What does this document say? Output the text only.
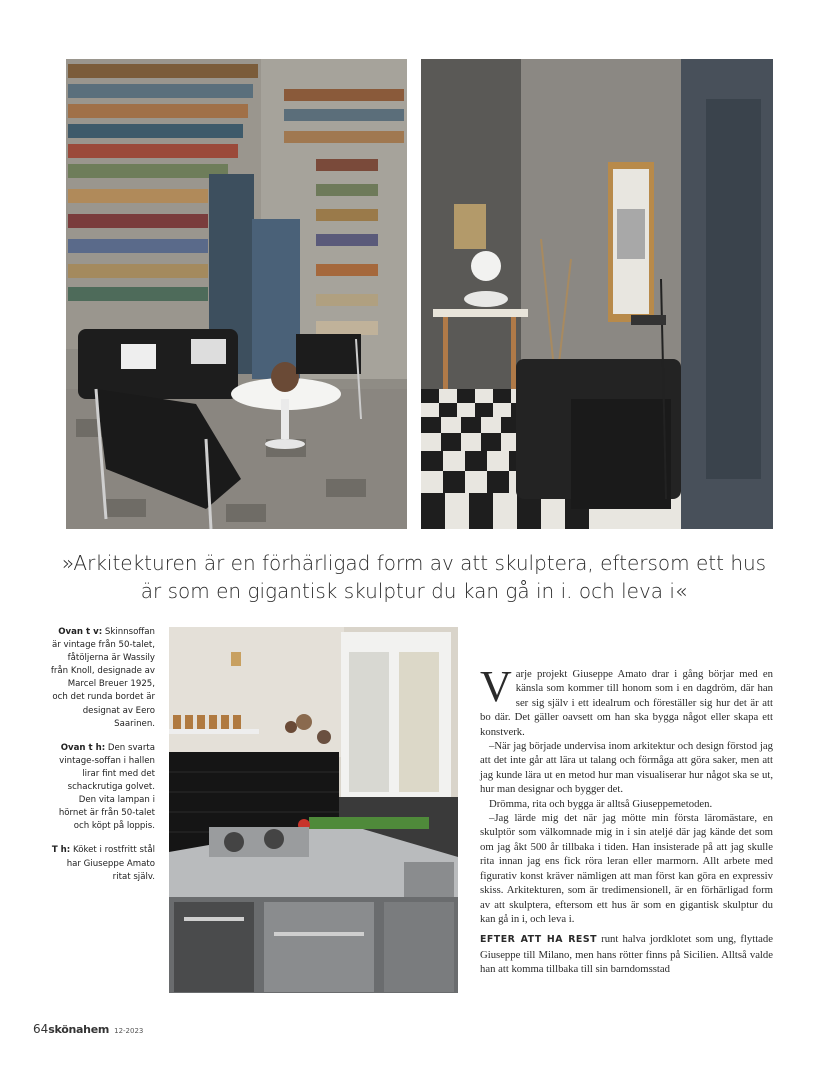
»Arkitekturen är en förhärligad form av att skulptera, eftersom ett hus
är som en gigantisk skulptur du kan gå in i. och leva i«

Ovan t v: Skinnsoffan är vintage från 50-talet, fåtöljerna är Wassily från Knoll, designade av Marcel Breuer 1925, och det runda bordet är designat av Eero Saarinen.

Ovan t h: Den svarta vintage-soffan i hallen lirar fint med det schackrutiga golvet. Den vita lampan i hörnet är från 50-talet och köpt på loppis.

T h: Köket i rostfritt stål har Giuseppe Amato ritat själv.

Varje projekt Giuseppe Amato drar i gång börjar med en känsla som kommer till honom som i en dagdröm, där han ser sig själv i ett idealrum och föreställer sig hur det är att bo där. Det gäller oavsett om han ska bygga något eller skapa ett konstverk.

–När jag började undervisa inom arkitektur och design förstod jag att det inte går att lära ut talang och förmåga att göra saker, men att jag kunde lära ut en metod hur man visualiserar hur något ska se ut, hur man designar och bygger det.

Drömma, rita och bygga är alltså Giuseppemetoden.

–Jag lärde mig det när jag mötte min första läromästare, en skulptör som välkomnade mig in i sin ateljé där jag kände det som om jag åkt 500 år tillbaka i tiden. Han insisterade på att jag skulle rita innan jag ens fick röra leran eller marmorn. Allt arbete med figurativ konst kräver nämligen att man först kan göra en expressiv skiss. Arkitekturen, som är tredimensionell, är en förhärligad form av att skulptera, eftersom ett hus är som en gigantisk skulptur du kan gå in i, och leva i.

EFTER ATT HA REST runt halva jordklotet som ung, flyttade Giuseppe till Milano, men hans rötter finns på Sicilien. Alltså valde han att komma tillbaka till sin barndomsstad

64skönahem 12-2023
